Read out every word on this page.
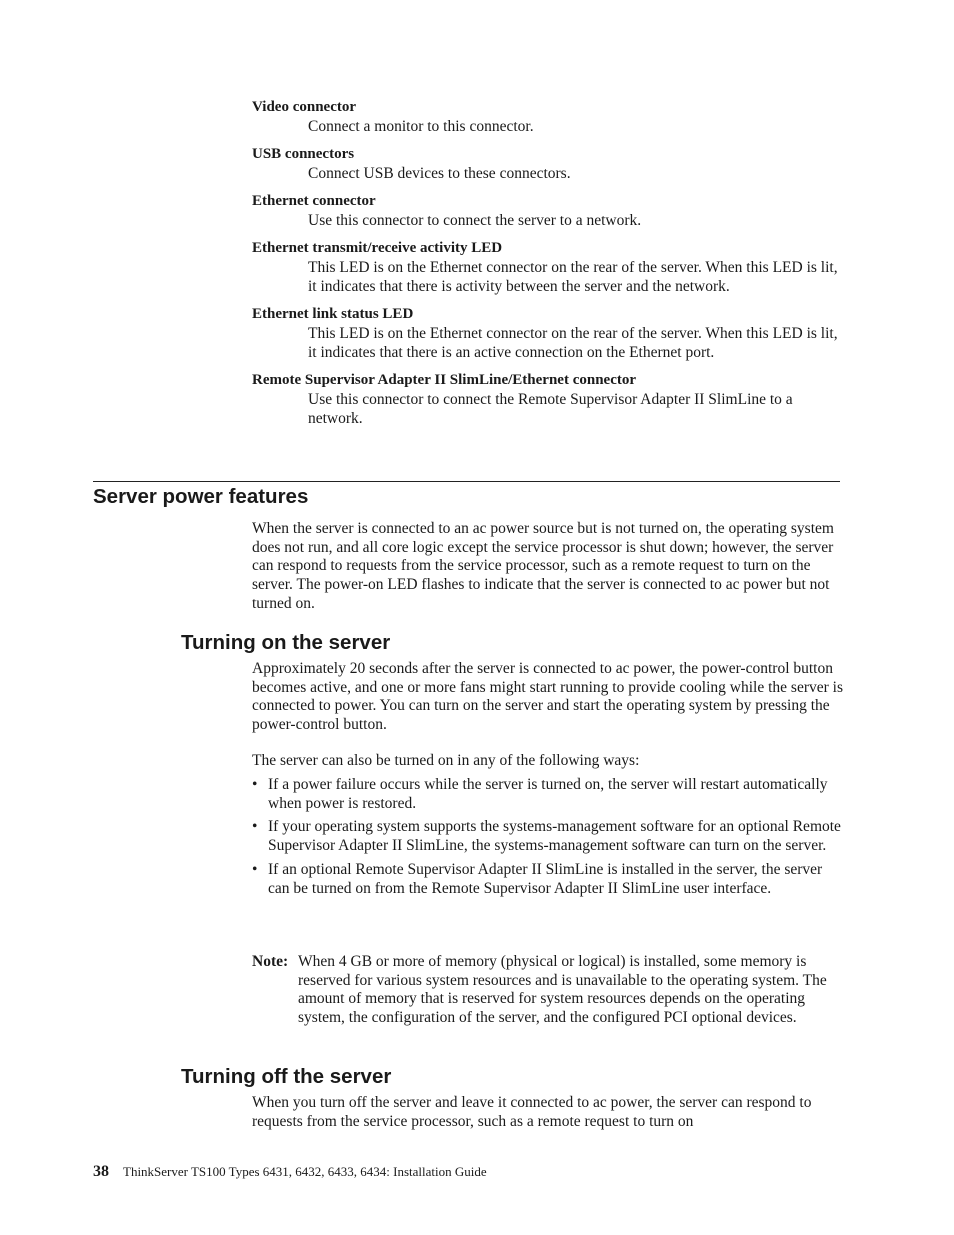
Video connector
Connect a monitor to this connector.
USB connectors
Connect USB devices to these connectors.
Ethernet connector
Use this connector to connect the server to a network.
Ethernet transmit/receive activity LED
This LED is on the Ethernet connector on the rear of the server. When this LED is lit, it indicates that there is activity between the server and the network.
Ethernet link status LED
This LED is on the Ethernet connector on the rear of the server. When this LED is lit, it indicates that there is an active connection on the Ethernet port.
Remote Supervisor Adapter II SlimLine/Ethernet connector
Use this connector to connect the Remote Supervisor Adapter II SlimLine to a network.
Server power features

When the server is connected to an ac power source but is not turned on, the operating system does not run, and all core logic except the service processor is shut down; however, the server can respond to requests from the service processor, such as a remote request to turn on the server. The power-on LED flashes to indicate that the server is connected to ac power but not turned on.

Turning on the server

Approximately 20 seconds after the server is connected to ac power, the power-control button becomes active, and one or more fans might start running to provide cooling while the server is connected to power. You can turn on the server and start the operating system by pressing the power-control button.

The server can also be turned on in any of the following ways:

• If a power failure occurs while the server is turned on, the server will restart automatically when power is restored.
• If your operating system supports the systems-management software for an optional Remote Supervisor Adapter II SlimLine, the systems-management software can turn on the server.
• If an optional Remote Supervisor Adapter II SlimLine is installed in the server, the server can be turned on from the Remote Supervisor Adapter II SlimLine user interface.
Note: When 4 GB or more of memory (physical or logical) is installed, some memory is reserved for various system resources and is unavailable to the operating system. The amount of memory that is reserved for system resources depends on the operating system, the configuration of the server, and the configured PCI optional devices.
Turning off the server

When you turn off the server and leave it connected to ac power, the server can respond to requests from the service processor, such as a remote request to turn on

38 ThinkServer TS100 Types 6431, 6432, 6433, 6434: Installation Guide
